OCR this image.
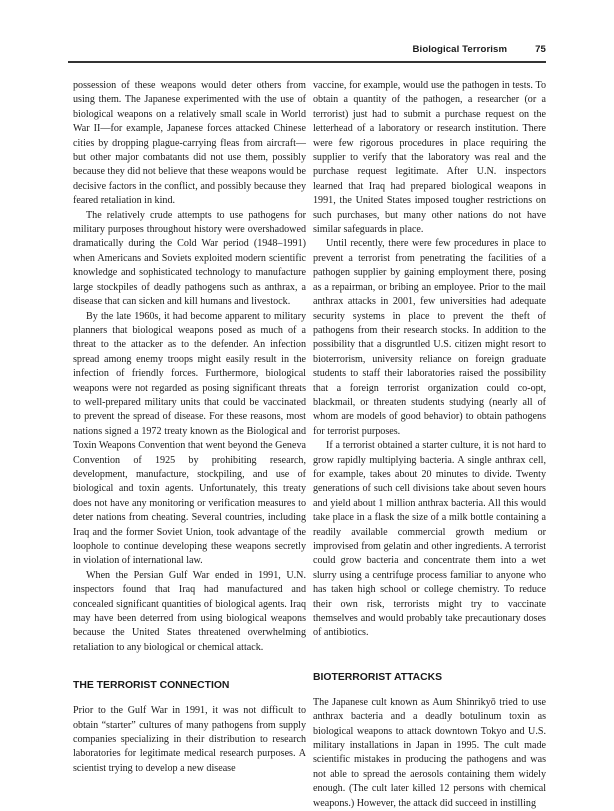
Biological Terrorism	75

possession of these weapons would deter others from using them. The Japanese experimented with the use of biological weapons on a relatively small scale in World War II—for example, Japanese forces attacked Chinese cities by dropping plague-carrying fleas from aircraft—but other major combatants did not use them, possibly because they did not believe that these weapons would be decisive factors in the conflict, and possibly because they feared retaliation in kind.

The relatively crude attempts to use pathogens for military purposes throughout history were overshadowed dramatically during the Cold War period (1948–1991) when Americans and Soviets exploited modern scientific knowledge and sophisticated technology to manufacture large stockpiles of deadly pathogens such as anthrax, a disease that can sicken and kill humans and livestock.

By the late 1960s, it had become apparent to military planners that biological weapons posed as much of a threat to the attacker as to the defender. An infection spread among enemy troops might easily result in the infection of friendly forces. Furthermore, biological weapons were not regarded as posing significant threats to well-prepared military units that could be vaccinated to prevent the spread of disease. For these reasons, most nations signed a 1972 treaty known as the Biological and Toxin Weapons Convention that went beyond the Geneva Convention of 1925 by prohibiting research, development, manufacture, stockpiling, and use of biological and toxin agents. Unfortunately, this treaty does not have any monitoring or verification measures to deter nations from cheating. Several countries, including Iraq and the former Soviet Union, took advantage of the loophole to continue developing these weapons secretly in violation of international law.

When the Persian Gulf War ended in 1991, U.N. inspectors found that Iraq had manufactured and concealed significant quantities of biological agents. Iraq may have been deterred from using biological weapons because the United States threatened overwhelming retaliation to any biological or chemical attack.

THE TERRORIST CONNECTION

Prior to the Gulf War in 1991, it was not difficult to obtain “starter” cultures of many pathogens from supply companies specializing in their distribution to research laboratories for legitimate medical research purposes. A scientist trying to develop a new disease

vaccine, for example, would use the pathogen in tests. To obtain a quantity of the pathogen, a researcher (or a terrorist) just had to submit a purchase request on the letterhead of a laboratory or research institution. There were few rigorous procedures in place requiring the supplier to verify that the laboratory was real and the purchase request legitimate. After U.N. inspectors learned that Iraq had prepared biological weapons in 1991, the United States imposed tougher restrictions on such purchases, but many other nations do not have similar safeguards in place.

Until recently, there were few procedures in place to prevent a terrorist from penetrating the facilities of a pathogen supplier by gaining employment there, posing as a repairman, or bribing an employee. Prior to the mail anthrax attacks in 2001, few universities had adequate security systems in place to prevent the theft of pathogens from their research stocks. In addition to the possibility that a disgruntled U.S. citizen might resort to bioterrorism, university reliance on foreign graduate students to staff their laboratories raised the possibility that a foreign terrorist organization could co-opt, blackmail, or threaten students studying (nearly all of whom are models of good behavior) to obtain pathogens for terrorist purposes.

If a terrorist obtained a starter culture, it is not hard to grow rapidly multiplying bacteria. A single anthrax cell, for example, takes about 20 minutes to divide. Twenty generations of such cell divisions take about seven hours and yield about 1 million anthrax bacteria. All this would take place in a flask the size of a milk bottle containing a readily available commercial growth medium or improvised from gelatin and other ingredients. A terrorist could grow bacteria and concentrate them into a wet slurry using a centrifuge process familiar to anyone who has taken high school or college chemistry. To reduce their own risk, terrorists might try to vaccinate themselves and would probably take precautionary doses of antibiotics.

BIOTERRORIST ATTACKS

The Japanese cult known as Aum Shinrikyō tried to use anthrax bacteria and a deadly botulinum toxin as biological weapons to attack downtown Tokyo and U.S. military installations in Japan in 1995. The cult made scientific mistakes in producing the pathogens and was not able to spread the aerosols containing them widely enough. (The cult later killed 12 persons with chemical weapons.) However, the attack did succeed in instilling
